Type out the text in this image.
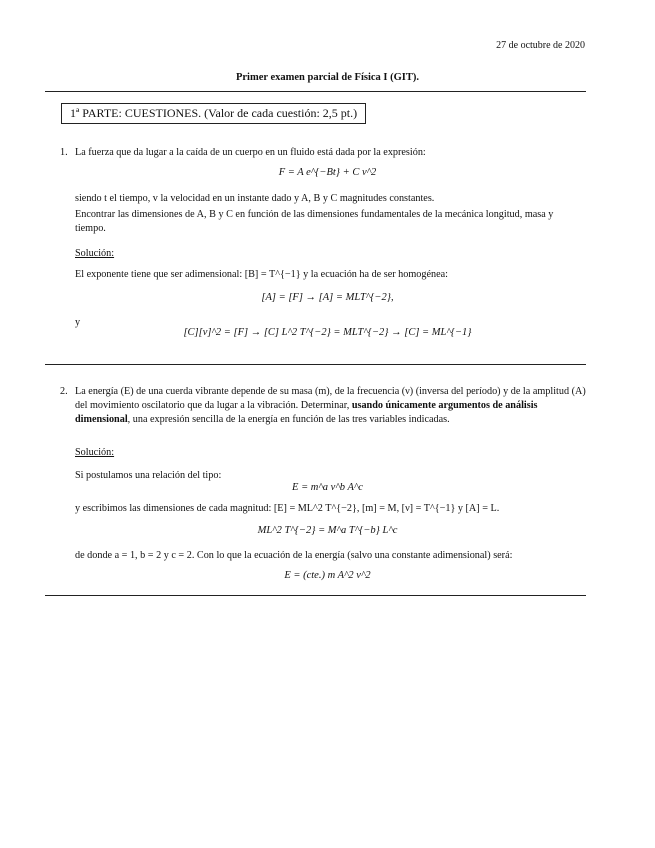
27 de octubre de 2020
Primer examen parcial de Física I (GIT).
1ª PARTE: CUESTIONES. (Valor de cada cuestión: 2,5 pt.)
1. La fuerza que da lugar a la caída de un cuerpo en un fluido está dada por la expresión:
F = A e^{−Bt} + C v^2
siendo t el tiempo, v la velocidad en un instante dado y A, B y C magnitudes constantes.
Encontrar las dimensiones de A, B y C en función de las dimensiones fundamentales de la mecánica longitud, masa y tiempo.
Solución:
El exponente tiene que ser adimensional: [B] = T^{−1} y la ecuación ha de ser homogénea:
[A] = [F] → [A] = MLT^{−2},
y
[C][v]^2 = [F] → [C] L^2 T^{−2} = MLT^{−2} → [C] = ML^{−1}
2. La energía (E) de una cuerda vibrante depende de su masa (m), de la frecuencia (ν) (inversa del período) y de la amplitud (A) del movimiento oscilatorio que da lugar a la vibración. Determinar, usando únicamente argumentos de análisis dimensional, una expresión sencilla de la energía en función de las tres variables indicadas.
Solución:
Si postulamos una relación del tipo:
E = m^a ν^b A^c
y escribimos las dimensiones de cada magnitud: [E] = ML^2 T^{−2}, [m] = M, [ν] = T^{−1} y [A] = L.
ML^2 T^{−2} = M^a T^{−b} L^c
de donde a = 1, b = 2 y c = 2. Con lo que la ecuación de la energía (salvo una constante adimensional) será:
E = (cte.) m A^2 ν^2
